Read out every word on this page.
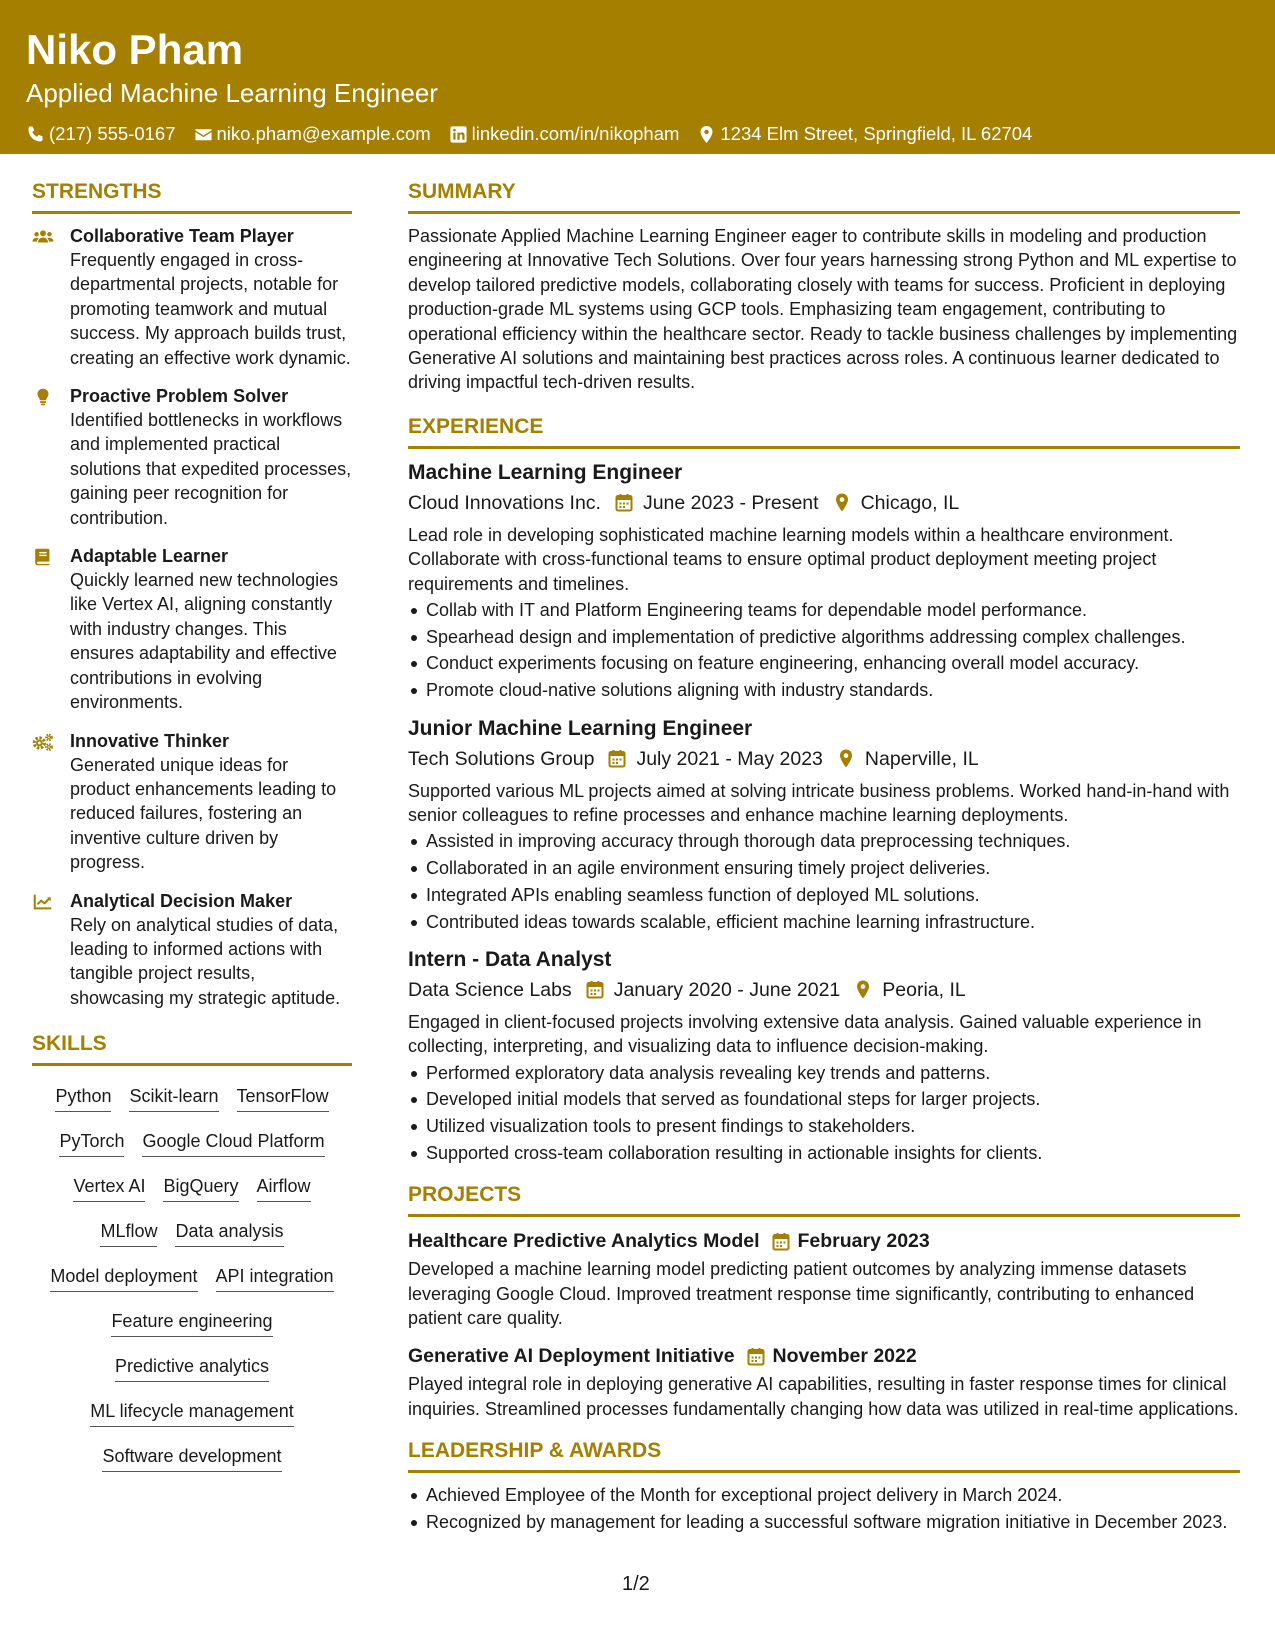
Niko Pham
Applied Machine Learning Engineer
(217) 555-0167 niko.pham@example.com linkedin.com/in/nikopham 1234 Elm Street, Springfield, IL 62704
STRENGTHS
Collaborative Team Player
Frequently engaged in cross-departmental projects, notable for promoting teamwork and mutual success. My approach builds trust, creating an effective work dynamic.
Proactive Problem Solver
Identified bottlenecks in workflows and implemented practical solutions that expedited processes, gaining peer recognition for contribution.
Adaptable Learner
Quickly learned new technologies like Vertex AI, aligning constantly with industry changes. This ensures adaptability and effective contributions in evolving environments.
Innovative Thinker
Generated unique ideas for product enhancements leading to reduced failures, fostering an inventive culture driven by progress.
Analytical Decision Maker
Rely on analytical studies of data, leading to informed actions with tangible project results, showcasing my strategic aptitude.
SKILLS
Python Scikit-learn TensorFlow
PyTorch Google Cloud Platform
Vertex AI BigQuery Airflow
MLflow Data analysis
Model deployment API integration
Feature engineering
Predictive analytics
ML lifecycle management
Software development
SUMMARY
Passionate Applied Machine Learning Engineer eager to contribute skills in modeling and production engineering at Innovative Tech Solutions. Over four years harnessing strong Python and ML expertise to develop tailored predictive models, collaborating closely with teams for success. Proficient in deploying production-grade ML systems using GCP tools. Emphasizing team engagement, contributing to operational efficiency within the healthcare sector. Ready to tackle business challenges by implementing Generative AI solutions and maintaining best practices across roles. A continuous learner dedicated to driving impactful tech-driven results.
EXPERIENCE
Machine Learning Engineer
Cloud Innovations Inc. June 2023 - Present Chicago, IL
Lead role in developing sophisticated machine learning models within a healthcare environment. Collaborate with cross-functional teams to ensure optimal product deployment meeting project requirements and timelines.
Collab with IT and Platform Engineering teams for dependable model performance.
Spearhead design and implementation of predictive algorithms addressing complex challenges.
Conduct experiments focusing on feature engineering, enhancing overall model accuracy.
Promote cloud-native solutions aligning with industry standards.
Junior Machine Learning Engineer
Tech Solutions Group July 2021 - May 2023 Naperville, IL
Supported various ML projects aimed at solving intricate business problems. Worked hand-in-hand with senior colleagues to refine processes and enhance machine learning deployments.
Assisted in improving accuracy through thorough data preprocessing techniques.
Collaborated in an agile environment ensuring timely project deliveries.
Integrated APIs enabling seamless function of deployed ML solutions.
Contributed ideas towards scalable, efficient machine learning infrastructure.
Intern - Data Analyst
Data Science Labs January 2020 - June 2021 Peoria, IL
Engaged in client-focused projects involving extensive data analysis. Gained valuable experience in collecting, interpreting, and visualizing data to influence decision-making.
Performed exploratory data analysis revealing key trends and patterns.
Developed initial models that served as foundational steps for larger projects.
Utilized visualization tools to present findings to stakeholders.
Supported cross-team collaboration resulting in actionable insights for clients.
PROJECTS
Healthcare Predictive Analytics Model February 2023
Developed a machine learning model predicting patient outcomes by analyzing immense datasets leveraging Google Cloud. Improved treatment response time significantly, contributing to enhanced patient care quality.
Generative AI Deployment Initiative November 2022
Played integral role in deploying generative AI capabilities, resulting in faster response times for clinical inquiries. Streamlined processes fundamentally changing how data was utilized in real-time applications.
LEADERSHIP & AWARDS
Achieved Employee of the Month for exceptional project delivery in March 2024.
Recognized by management for leading a successful software migration initiative in December 2023.
1/2
